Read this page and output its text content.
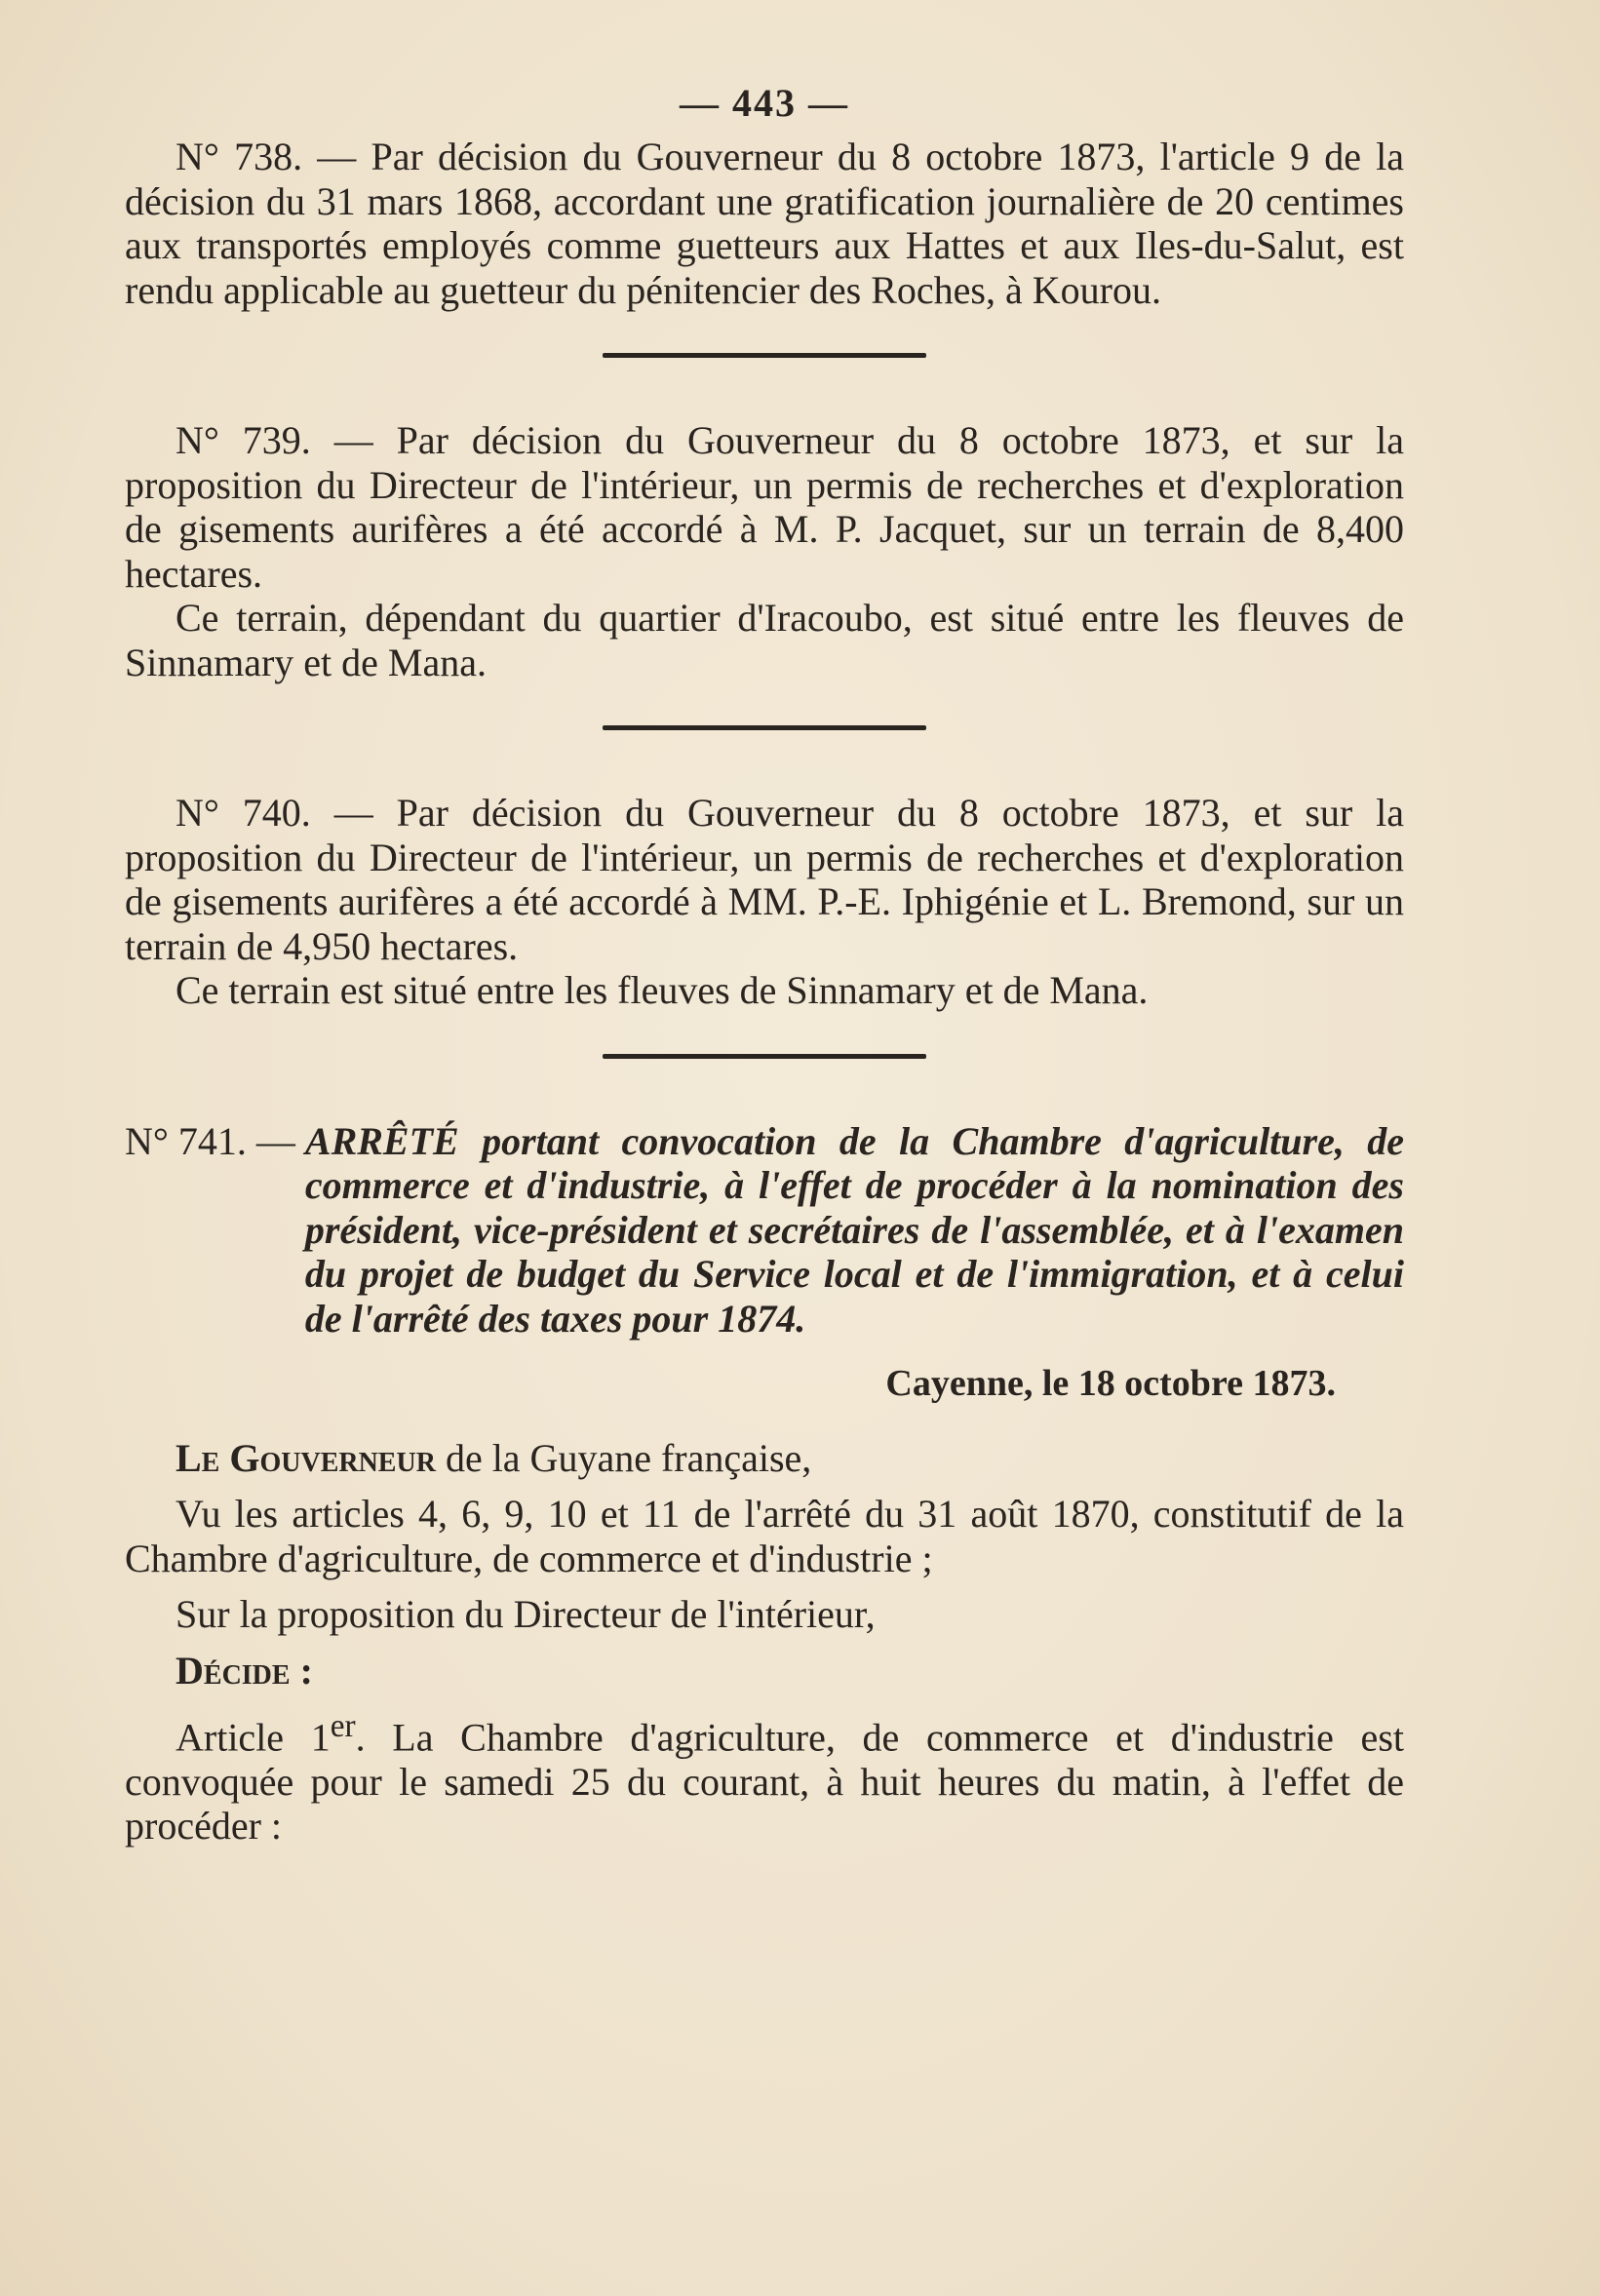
— 443 —

N° 738. — Par décision du Gouverneur du 8 octobre 1873, l'article 9 de la décision du 31 mars 1868, accordant une gratification journalière de 20 centimes aux transportés employés comme guetteurs aux Hattes et aux Iles-du-Salut, est rendu applicable au guetteur du pénitencier des Roches, à Kourou.

N° 739. — Par décision du Gouverneur du 8 octobre 1873, et sur la proposition du Directeur de l'intérieur, un permis de recherches et d'exploration de gisements aurifères a été accordé à M. P. Jacquet, sur un terrain de 8,400 hectares.

Ce terrain, dépendant du quartier d'Iracoubo, est situé entre les fleuves de Sinnamary et de Mana.

N° 740. — Par décision du Gouverneur du 8 octobre 1873, et sur la proposition du Directeur de l'intérieur, un permis de recherches et d'exploration de gisements aurifères a été accordé à MM. P.-E. Iphigénie et L. Bremond, sur un terrain de 4,950 hectares.

Ce terrain est situé entre les fleuves de Sinnamary et de Mana.

N° 741. — ARRÊTÉ portant convocation de la Chambre d'agriculture, de commerce et d'industrie, à l'effet de procéder à la nomination des président, vice-président et secrétaires de l'assemblée, et à l'examen du projet de budget du Service local et de l'immigration, et à celui de l'arrêté des taxes pour 1874.
Cayenne, le 18 octobre 1873.

Le Gouverneur de la Guyane française,

Vu les articles 4, 6, 9, 10 et 11 de l'arrêté du 31 août 1870, constitutif de la Chambre d'agriculture, de commerce et d'industrie ;

Sur la proposition du Directeur de l'intérieur,

Décide :

Article 1er. La Chambre d'agriculture, de commerce et d'industrie est convoquée pour le samedi 25 du courant, à huit heures du matin, à l'effet de procéder :
